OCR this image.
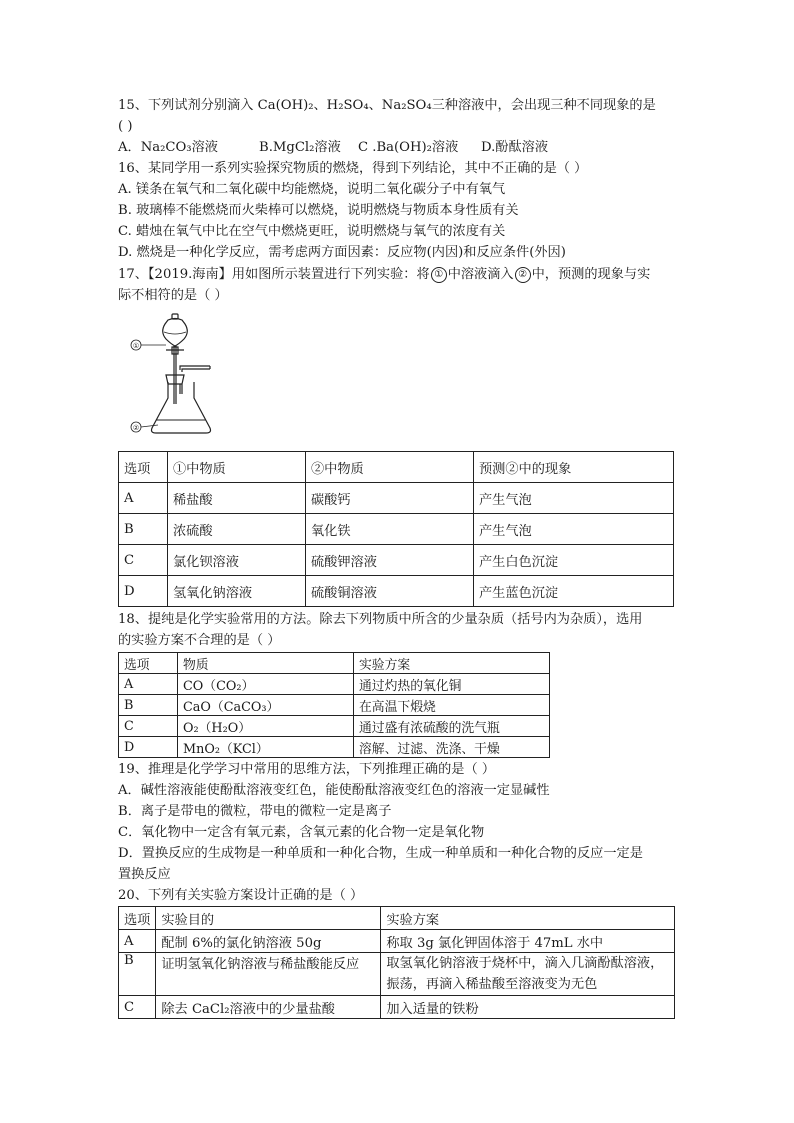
15、下列试剂分别滴入 Ca(OH)₂、H₂SO₄、Na₂SO₄三种溶液中，会出现三种不同现象的是
( )
A．Na₂CO₃溶液	B.MgCl₂溶液 C .Ba(OH)₂溶液 D.酚酞溶液
16、某同学用一系列实验探究物质的燃烧，得到下列结论，其中不正确的是（ ）
A. 镁条在氧气和二氧化碳中均能燃烧，说明二氧化碳分子中有氧气
B. 玻璃棒不能燃烧而火柴棒可以燃烧，说明燃烧与物质本身性质有关
C. 蜡烛在氧气中比在空气中燃烧更旺，说明燃烧与氧气的浓度有关
D. 燃烧是一种化学反应，需考虑两方面因素：反应物(内因)和反应条件(外因)
17、【2019.海南】用如图所示装置进行下列实验：将 ① 中溶液滴入 ② 中，预测的现象与实
际不相符的是（ ）
①
②
选项	①中物质	②中物质	预测②中的现象
A	稀盐酸	碳酸钙	产生气泡
B	浓硫酸	氧化铁	产生气泡
C	氯化钡溶液	硫酸钾溶液	产生白色沉淀
D	氢氧化钠溶液	硫酸铜溶液	产生蓝色沉淀
18、提纯是化学实验常用的方法。除去下列物质中所含的少量杂质（括号内为杂质），选用
的实验方案不合理的是（ ）
选项	物质	实验方案
A	CO（CO₂）	通过灼热的氧化铜
B	CaO（CaCO₃）	在高温下煅烧
C	O₂（H₂O）	通过盛有浓硫酸的洗气瓶
D	MnO₂（KCl）	溶解、过滤、洗涤、干燥
19、推理是化学学习中常用的思维方法，下列推理正确的是（ ）
A．碱性溶液能使酚酞溶液变红色，能使酚酞溶液变红色的溶液一定显碱性
B．离子是带电的微粒，带电的微粒一定是离子
C．氧化物中一定含有氧元素，含氧元素的化合物一定是氧化物
D．置换反应的生成物是一种单质和一种化合物，生成一种单质和一种化合物的反应一定是
置换反应
20、下列有关实验方案设计正确的是（ ）
选项	实验目的	实验方案
A	配制 6%的氯化钠溶液 50g	称取 3g 氯化钾固体溶于 47mL 水中
B	证明氢氧化钠溶液与稀盐酸能反应	取氢氧化钠溶液于烧杯中，滴入几滴酚酞溶液，振荡，再滴入稀盐酸至溶液变为无色
C	除去 CaCl₂溶液中的少量盐酸	加入适量的铁粉
